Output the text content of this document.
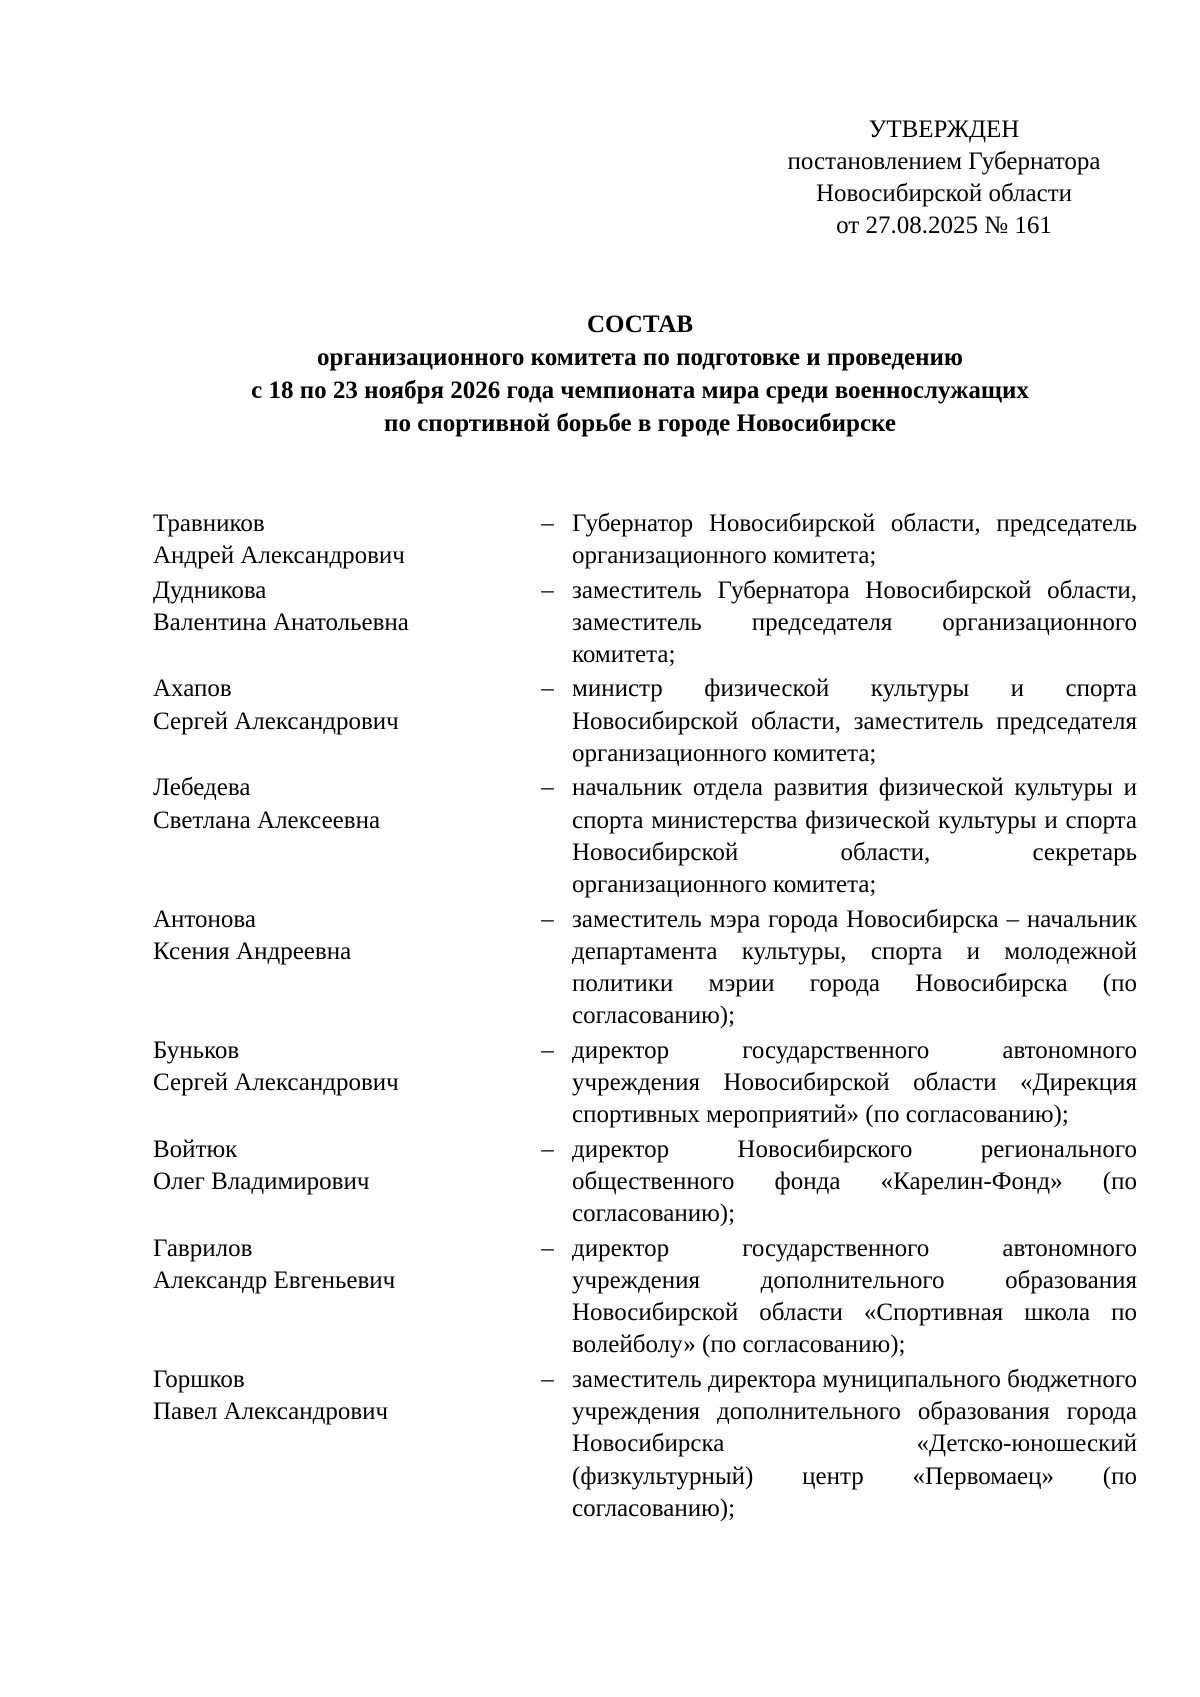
УТВЕРЖДЕН
постановлением Губернатора
Новосибирской области
от 27.08.2025 № 161
СОСТАВ
организационного комитета по подготовке и проведению
с 18 по 23 ноября 2026 года чемпионата мира среди военнослужащих
по спортивной борьбе в городе Новосибирске
Травников
Андрей Александрович
– Губернатор Новосибирской области, председатель организационного комитета;
Дудникова
Валентина Анатольевна
– заместитель Губернатора Новосибирской области, заместитель председателя организационного комитета;
Ахапов
Сергей Александрович
– министр физической культуры и спорта Новосибирской области, заместитель председателя организационного комитета;
Лебедева
Светлана Алексеевна
– начальник отдела развития физической культуры и спорта министерства физической культуры и спорта Новосибирской области, секретарь организационного комитета;
Антонова
Ксения Андреевна
– заместитель мэра города Новосибирска – начальник департамента культуры, спорта и молодежной политики мэрии города Новосибирска (по согласованию);
Буньков
Сергей Александрович
– директор государственного автономного учреждения Новосибирской области «Дирекция спортивных мероприятий» (по согласованию);
Войтюк
Олег Владимирович
– директор Новосибирского регионального общественного фонда «Карелин-Фонд» (по согласованию);
Гаврилов
Александр Евгеньевич
– директор государственного автономного учреждения дополнительного образования Новосибирской области «Спортивная школа по волейболу» (по согласованию);
Горшков
Павел Александрович
– заместитель директора муниципального бюджетного учреждения дополнительного образования города Новосибирска «Детско-юношеский (физкультурный) центр «Первомаец» (по согласованию);
